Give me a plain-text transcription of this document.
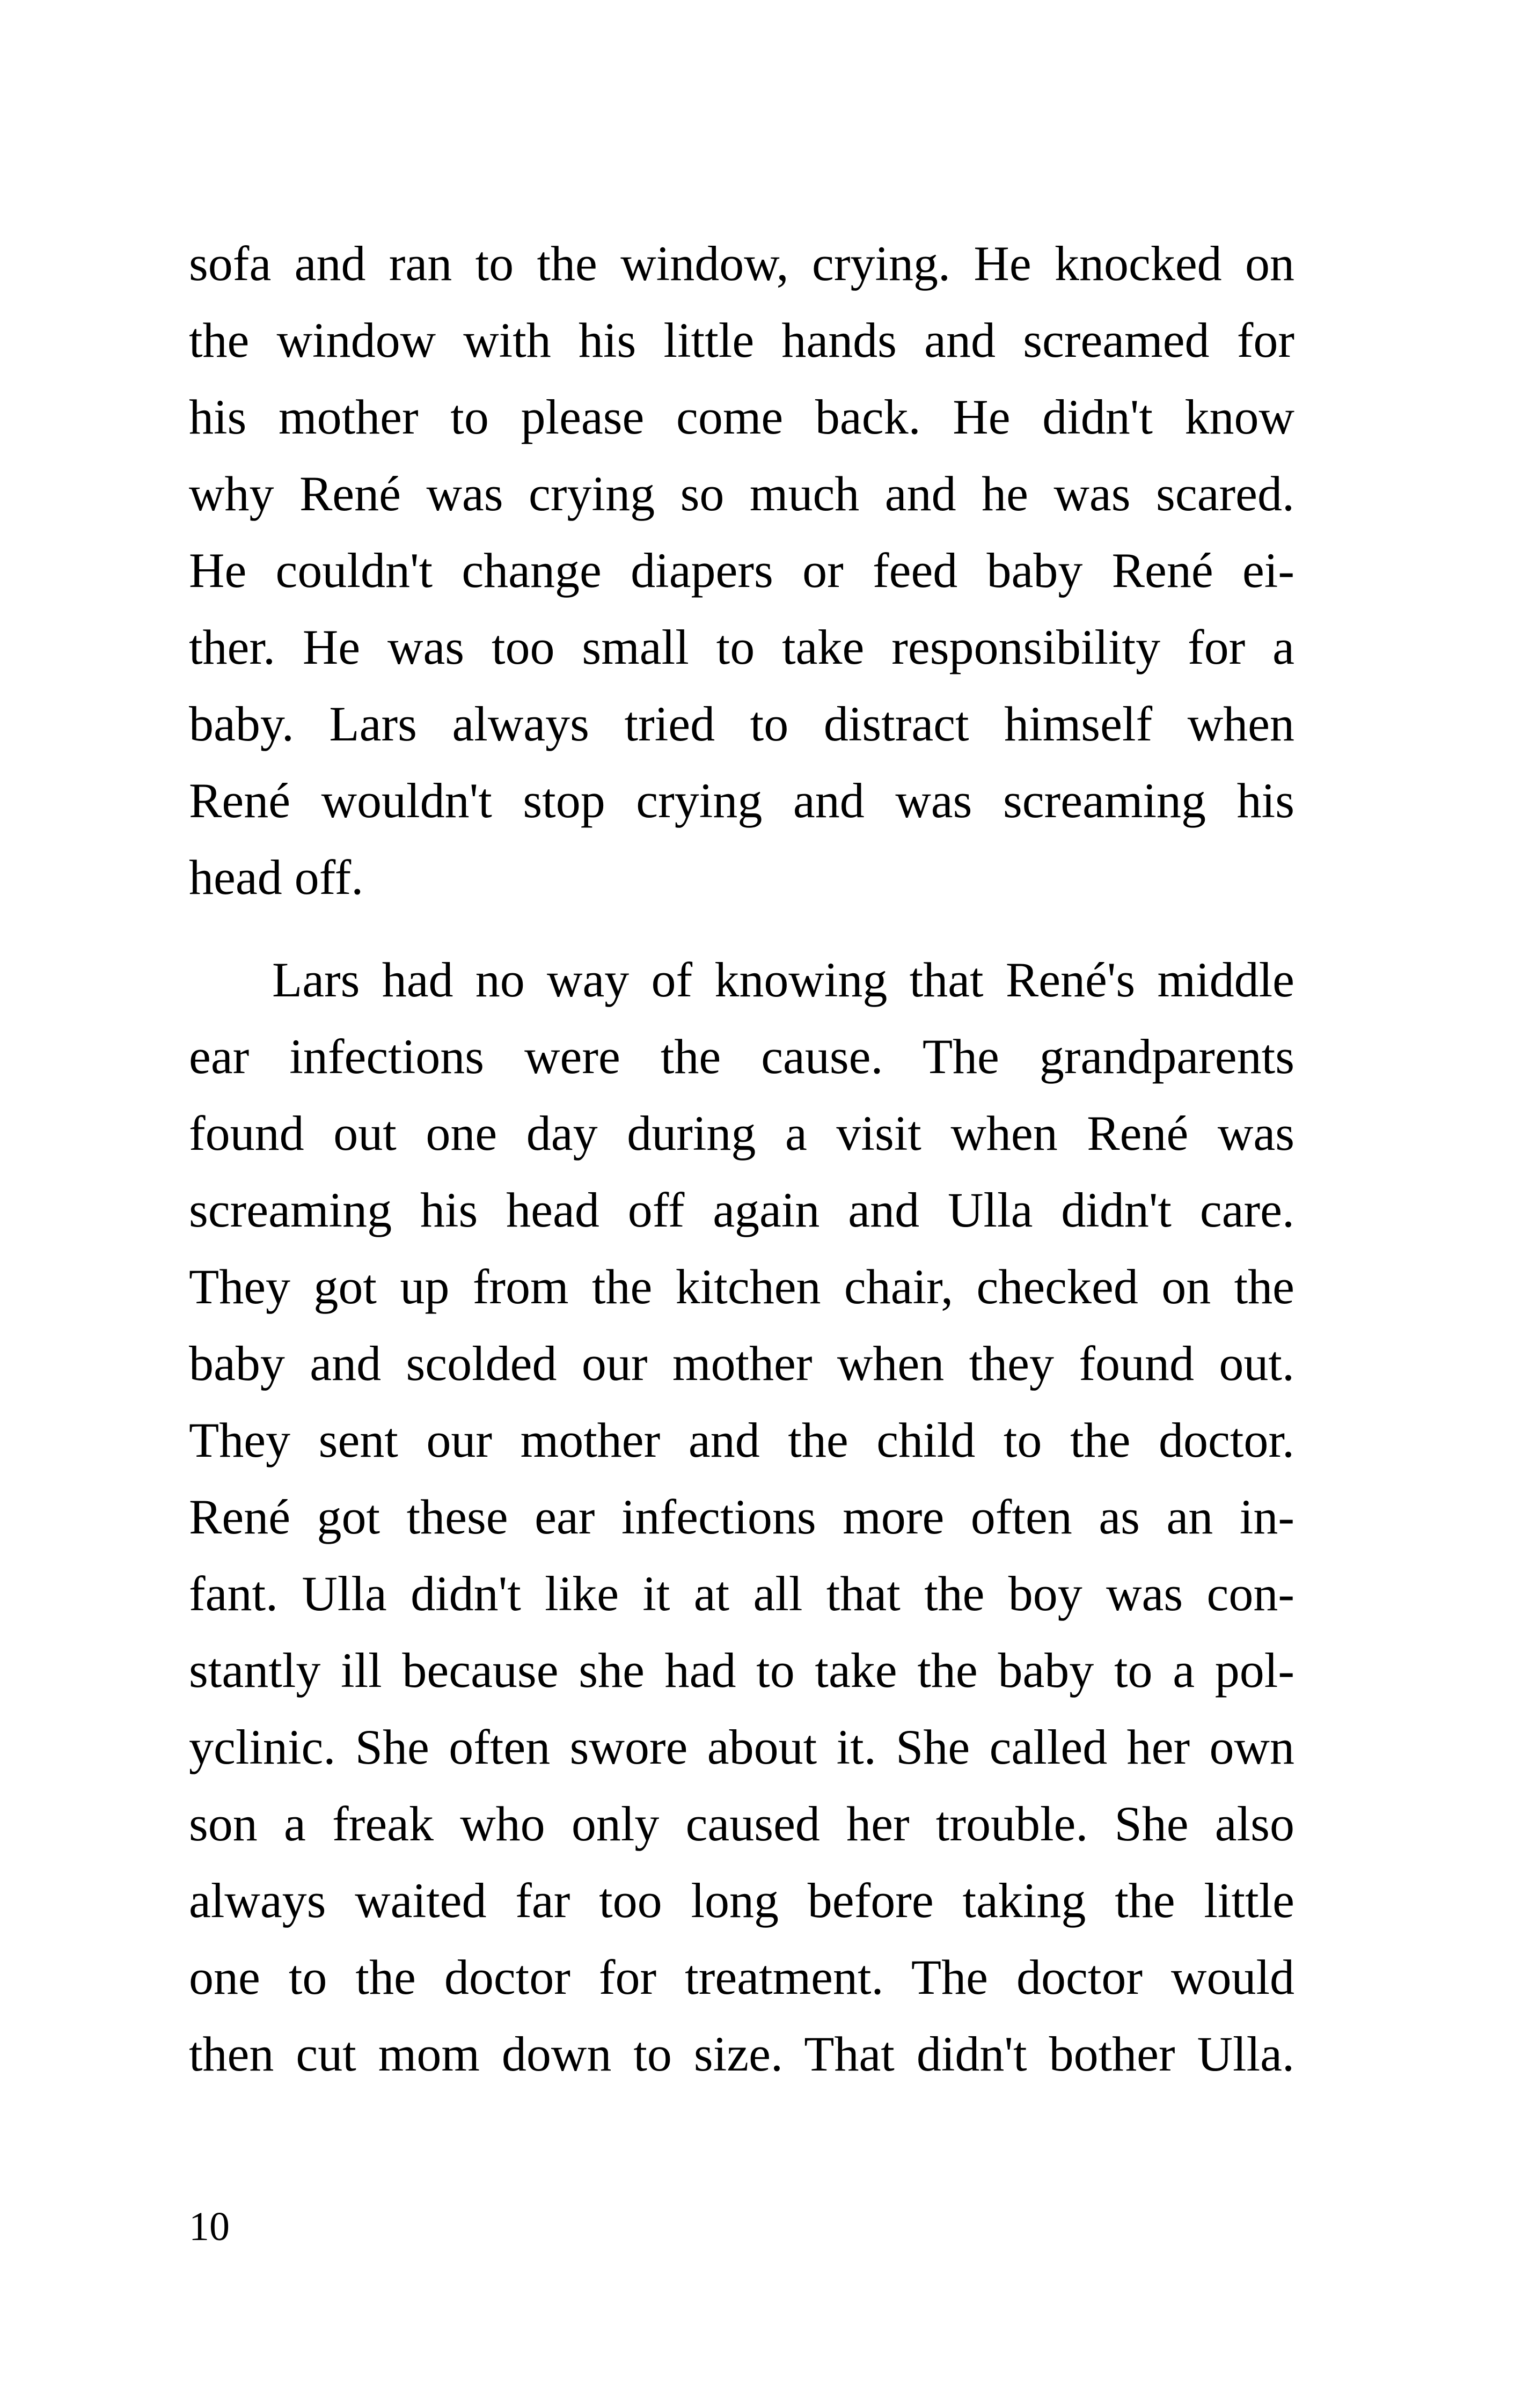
sofa and ran to the window, crying. He knocked on
the window with his little hands and screamed for
his mother to please come back. He didn't know
why René was crying so much and he was scared.
He couldn't change diapers or feed baby René ei-
ther. He was too small to take responsibility for a
baby. Lars always tried to distract himself when
René wouldn't stop crying and was screaming his
head off.
Lars had no way of knowing that René's middle
ear infections were the cause. The grandparents
found out one day during a visit when René was
screaming his head off again and Ulla didn't care.
They got up from the kitchen chair, checked on the
baby and scolded our mother when they found out.
They sent our mother and the child to the doctor.
René got these ear infections more often as an in-
fant. Ulla didn't like it at all that the boy was con-
stantly ill because she had to take the baby to a pol-
yclinic. She often swore about it. She called her own
son a freak who only caused her trouble. She also
always waited far too long before taking the little
one to the doctor for treatment. The doctor would
then cut mom down to size. That didn't bother Ulla.
10
